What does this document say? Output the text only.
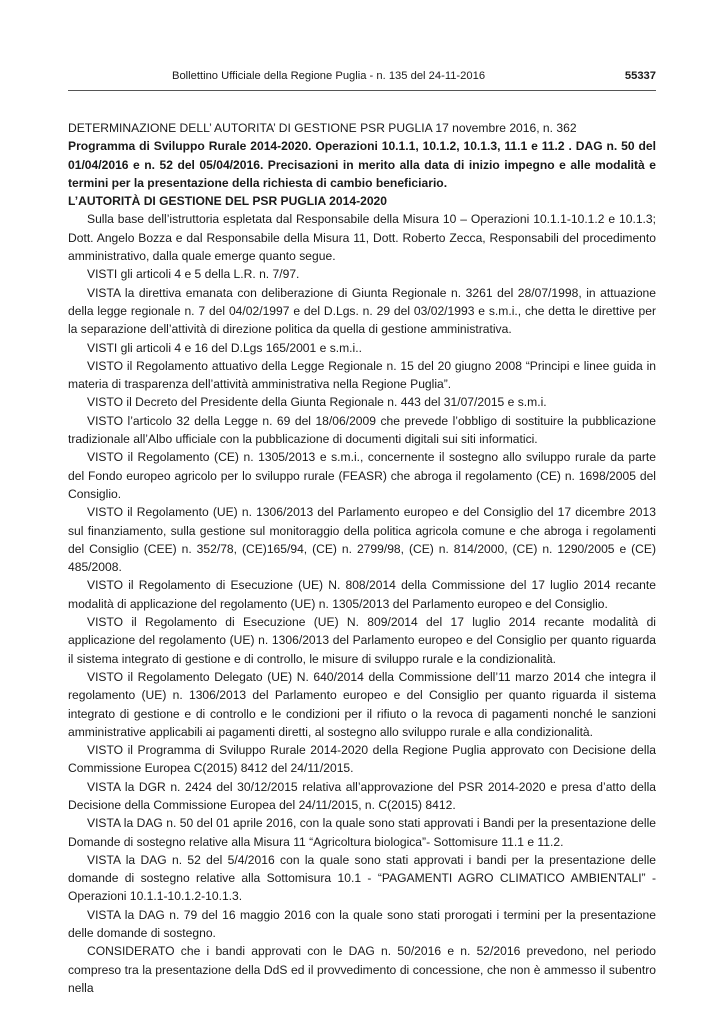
Bollettino Ufficiale della Regione Puglia - n. 135 del 24-11-2016	55337

DETERMINAZIONE DELL’ AUTORITA’ DI GESTIONE PSR PUGLIA 17 novembre 2016, n. 362

Programma di Sviluppo Rurale 2014-2020. Operazioni 10.1.1, 10.1.2, 10.1.3, 11.1 e 11.2 . DAG n. 50 del 01/04/2016 e n. 52 del 05/04/2016. Precisazioni in merito alla data di inizio impegno e alle modalità e termini per la presentazione della richiesta di cambio beneficiario.

L’AUTORITÀ DI GESTIONE DEL PSR PUGLIA 2014-2020

Sulla base dell’istruttoria espletata dal Responsabile della Misura 10 – Operazioni 10.1.1-10.1.2 e 10.1.3; Dott. Angelo Bozza e dal Responsabile della Misura 11, Dott. Roberto Zecca, Responsabili del procedimento amministrativo, dalla quale emerge quanto segue.

VISTI gli articoli 4 e 5 della L.R. n. 7/97.

VISTA la direttiva emanata con deliberazione di Giunta Regionale n. 3261 del 28/07/1998, in attuazione della legge regionale n. 7 del 04/02/1997 e del D.Lgs. n. 29 del 03/02/1993 e s.m.i., che detta le direttive per la separazione dell’attività di direzione politica da quella di gestione amministrativa.

VISTI gli articoli 4 e 16 del D.Lgs 165/2001 e s.m.i..

VISTO il Regolamento attuativo della Legge Regionale n. 15 del 20 giugno 2008 “Principi e linee guida in materia di trasparenza dell’attività amministrativa nella Regione Puglia”.

VISTO il Decreto del Presidente della Giunta Regionale n. 443 del 31/07/2015 e s.m.i.

VISTO l’articolo 32 della Legge n. 69 del 18/06/2009 che prevede l’obbligo di sostituire la pubblicazione tradizionale all’Albo ufficiale con la pubblicazione di documenti digitali sui siti informatici.

VISTO il Regolamento (CE) n. 1305/2013 e s.m.i., concernente il sostegno allo sviluppo rurale da parte del Fondo europeo agricolo per lo sviluppo rurale (FEASR) che abroga il regolamento (CE) n. 1698/2005 del Consiglio.

VISTO il Regolamento (UE) n. 1306/2013 del Parlamento europeo e del Consiglio del 17 dicembre 2013 sul finanziamento, sulla gestione sul monitoraggio della politica agricola comune e che abroga i regolamenti del Consiglio (CEE) n. 352/78, (CE)165/94, (CE) n. 2799/98, (CE) n. 814/2000, (CE) n. 1290/2005 e (CE) 485/2008.

VISTO il Regolamento di Esecuzione (UE) N. 808/2014 della Commissione del 17 luglio 2014 recante modalità di applicazione del regolamento (UE) n. 1305/2013 del Parlamento europeo e del Consiglio.

VISTO il Regolamento di Esecuzione (UE) N. 809/2014 del 17 luglio 2014 recante modalità di applicazione del regolamento (UE) n. 1306/2013 del Parlamento europeo e del Consiglio per quanto riguarda il sistema integrato di gestione e di controllo, le misure di sviluppo rurale e la condizionalità.

VISTO il Regolamento Delegato (UE) N. 640/2014 della Commissione dell’11 marzo 2014 che integra il regolamento (UE) n. 1306/2013 del Parlamento europeo e del Consiglio per quanto riguarda il sistema integrato di gestione e di controllo e le condizioni per il rifiuto o la revoca di pagamenti nonché le sanzioni amministrative applicabili ai pagamenti diretti, al sostegno allo sviluppo rurale e alla condizionalità.

VISTO il Programma di Sviluppo Rurale 2014-2020 della Regione Puglia approvato con Decisione della Commissione Europea C(2015) 8412 del 24/11/2015.

VISTA la DGR n. 2424 del 30/12/2015 relativa all’approvazione del PSR 2014-2020 e presa d’atto della Decisione della Commissione Europea del 24/11/2015, n. C(2015) 8412.

VISTA la DAG n. 50 del 01 aprile 2016, con la quale sono stati approvati i Bandi per la presentazione delle Domande di sostegno relative alla Misura 11 “Agricoltura biologica”- Sottomisure 11.1 e 11.2.

VISTA la DAG n. 52 del 5/4/2016 con la quale sono stati approvati i bandi per la presentazione delle domande di sostegno relative alla Sottomisura 10.1 - “PAGAMENTI AGRO CLIMATICO AMBIENTALI” - Operazioni 10.1.1-10.1.2-10.1.3.

VISTA la DAG n. 79 del 16 maggio 2016 con la quale sono stati prorogati i termini per la presentazione delle domande di sostegno.

CONSIDERATO che i bandi approvati con le DAG n. 50/2016 e n. 52/2016 prevedono, nel periodo compreso tra la presentazione della DdS ed il provvedimento di concessione, che non è ammesso il subentro nella
